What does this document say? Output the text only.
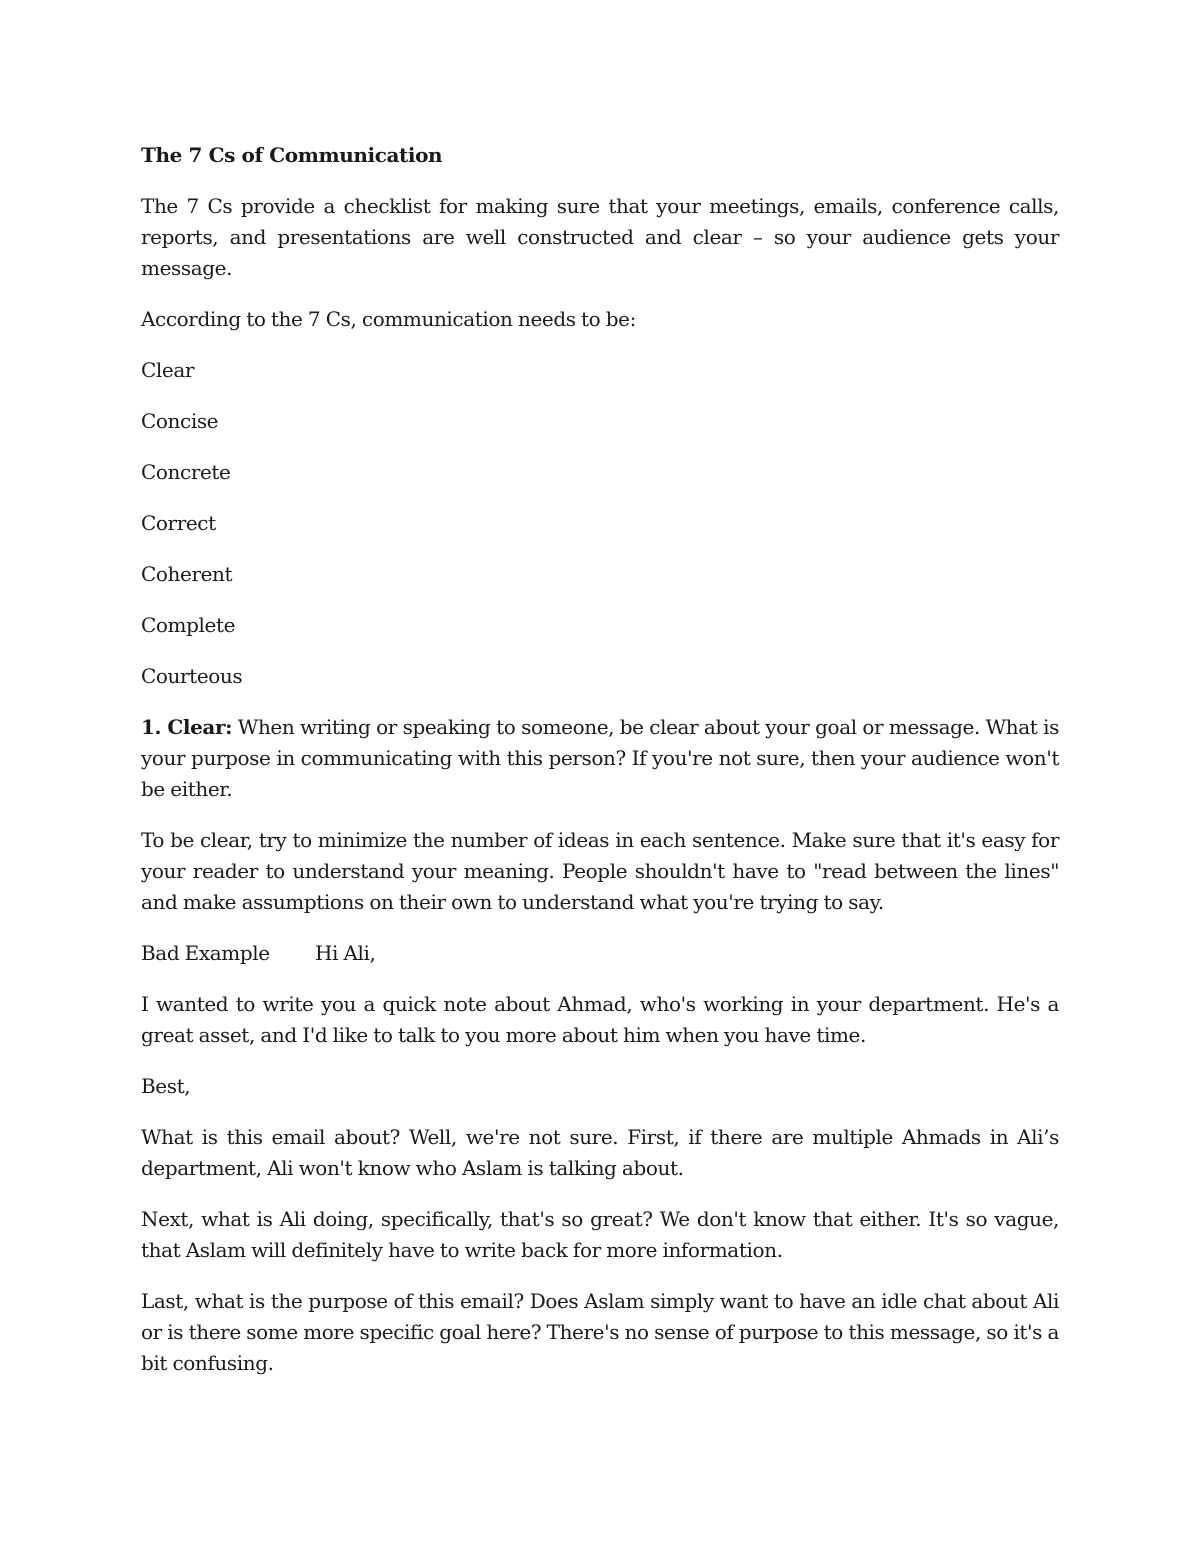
The 7 Cs of Communication
The 7 Cs provide a checklist for making sure that your meetings, emails, conference calls, reports, and presentations are well constructed and clear – so your audience gets your message.
According to the 7 Cs, communication needs to be:
Clear
Concise
Concrete
Correct
Coherent
Complete
Courteous
1. Clear: When writing or speaking to someone, be clear about your goal or message. What is your purpose in communicating with this person? If you're not sure, then your audience won't be either.
To be clear, try to minimize the number of ideas in each sentence. Make sure that it's easy for your reader to understand your meaning. People shouldn't have to "read between the lines" and make assumptions on their own to understand what you're trying to say.
Bad Example	Hi Ali,
I wanted to write you a quick note about Ahmad, who's working in your department. He's a great asset, and I'd like to talk to you more about him when you have time.
Best,
What is this email about? Well, we're not sure. First, if there are multiple Ahmads in Ali’s department, Ali won't know who Aslam is talking about.
Next, what is Ali doing, specifically, that's so great? We don't know that either. It's so vague, that Aslam will definitely have to write back for more information.
Last, what is the purpose of this email? Does Aslam simply want to have an idle chat about Ali or is there some more specific goal here? There's no sense of purpose to this message, so it's a bit confusing.
